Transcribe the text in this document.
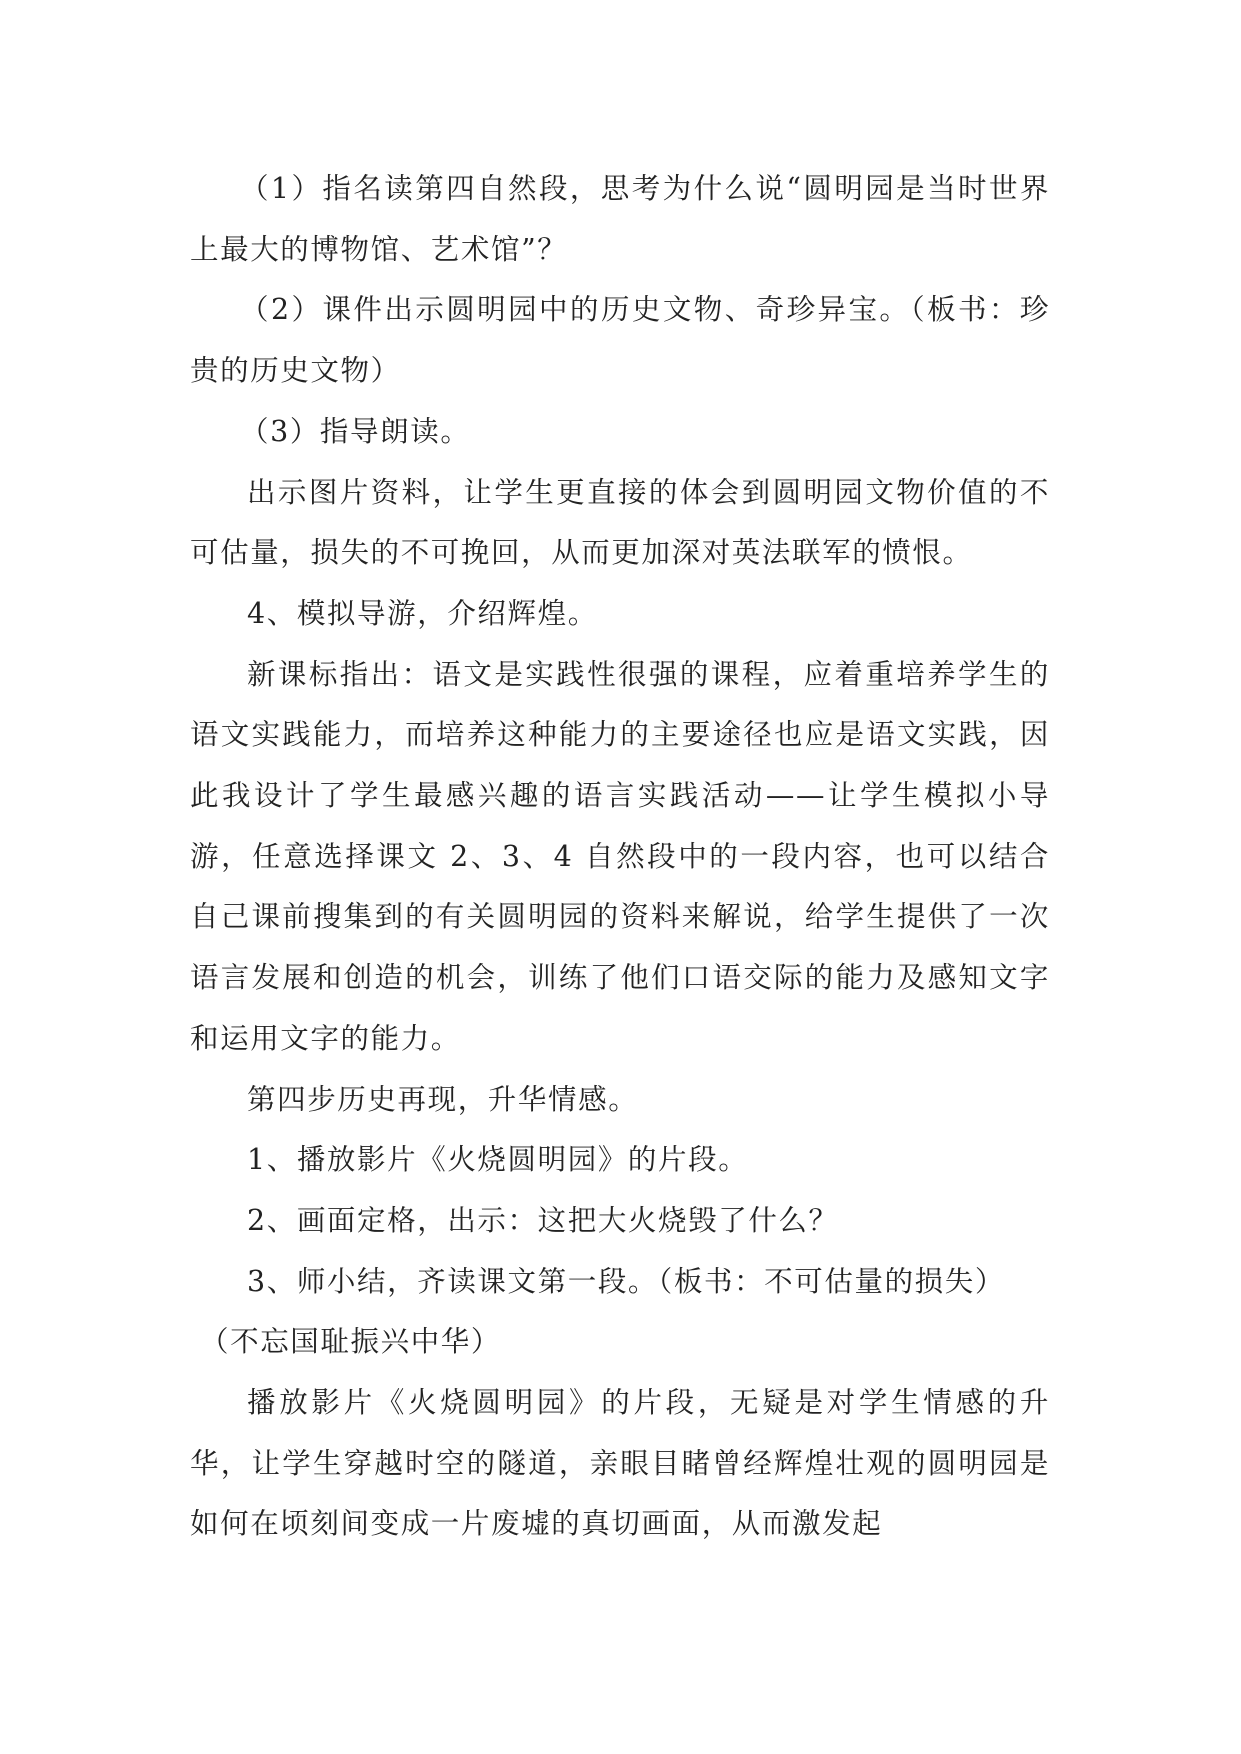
（1）指名读第四自然段，思考为什么说“圆明园是当时世界上最大的博物馆、艺术馆”？

（2）课件出示圆明园中的历史文物、奇珍异宝。（板书：珍贵的历史文物）

（3）指导朗读。

出示图片资料，让学生更直接的体会到圆明园文物价值的不可估量，损失的不可挽回，从而更加深对英法联军的愤恨。

4、模拟导游，介绍辉煌。

新课标指出：语文是实践性很强的课程，应着重培养学生的语文实践能力，而培养这种能力的主要途径也应是语文实践，因此我设计了学生最感兴趣的语言实践活动——让学生模拟小导游，任意选择课文 2、3、4 自然段中的一段内容，也可以结合自己课前搜集到的有关圆明园的资料来解说，给学生提供了一次语言发展和创造的机会，训练了他们口语交际的能力及感知文字和运用文字的能力。

第四步历史再现，升华情感。

1、播放影片《火烧圆明园》的片段。

2、画面定格，出示：这把大火烧毁了什么？

3、师小结，齐读课文第一段。（板书：不可估量的损失）

（不忘国耻振兴中华）

播放影片《火烧圆明园》的片段，无疑是对学生情感的升华，让学生穿越时空的隧道，亲眼目睹曾经辉煌壮观的圆明园是如何在顷刻间变成一片废墟的真切画面，从而激发起
